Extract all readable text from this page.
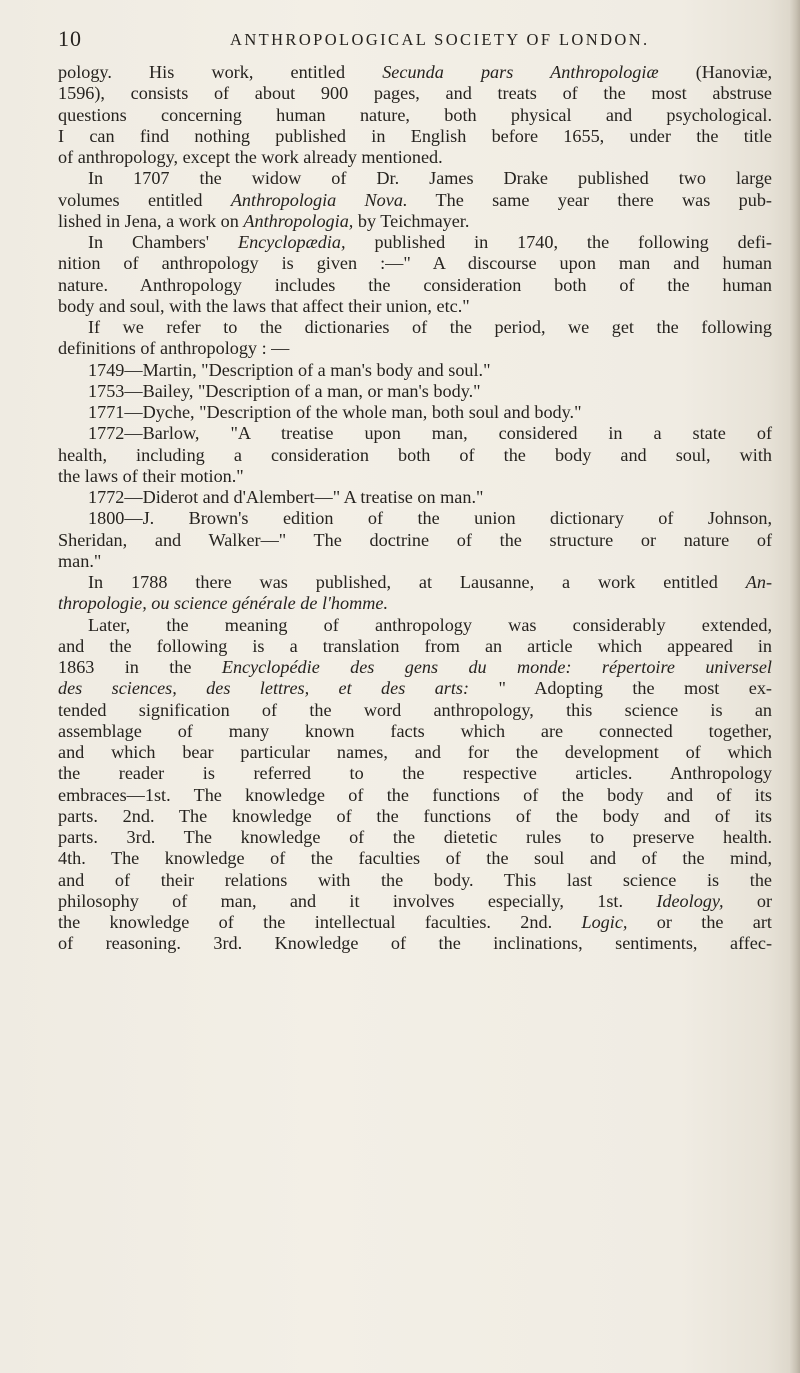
10	ANTHROPOLOGICAL SOCIETY OF LONDON.
pology. His work, entitled Secunda pars Anthropologiæ (Hanoviæ,
1596), consists of about 900 pages, and treats of the most abstruse
questions concerning human nature, both physical and psychological.
I can find nothing published in English before 1655, under the title
of anthropology, except the work already mentioned.
In 1707 the widow of Dr. James Drake published two large
volumes entitled Anthropologia Nova. The same year there was pub-
lished in Jena, a work on Anthropologia, by Teichmayer.
In Chambers' Encyclopædia, published in 1740, the following defi-
nition of anthropology is given :—" A discourse upon man and human
nature. Anthropology includes the consideration both of the human
body and soul, with the laws that affect their union, etc."
If we refer to the dictionaries of the period, we get the following
definitions of anthropology : —
1749—Martin, "Description of a man's body and soul."
1753—Bailey, "Description of a man, or man's body."
1771—Dyche, "Description of the whole man, both soul and body."
1772—Barlow, "A treatise upon man, considered in a state of
health, including a consideration both of the body and soul, with
the laws of their motion."
1772—Diderot and d'Alembert—" A treatise on man."
1800—J. Brown's edition of the union dictionary of Johnson,
Sheridan, and Walker—" The doctrine of the structure or nature of
man."
In 1788 there was published, at Lausanne, a work entitled An-
thropologie, ou science générale de l'homme.
Later, the meaning of anthropology was considerably extended,
and the following is a translation from an article which appeared in
1863 in the Encyclopédie des gens du monde: répertoire universel
des sciences, des lettres, et des arts: " Adopting the most ex-
tended signification of the word anthropology, this science is an
assemblage of many known facts which are connected together,
and which bear particular names, and for the development of which
the reader is referred to the respective articles. Anthropology
embraces—1st. The knowledge of the functions of the body and of its
parts. 2nd. The knowledge of the functions of the body and of its
parts. 3rd. The knowledge of the dietetic rules to preserve health.
4th. The knowledge of the faculties of the soul and of the mind,
and of their relations with the body. This last science is the
philosophy of man, and it involves especially, 1st. Ideology, or
the knowledge of the intellectual faculties. 2nd. Logic, or the art
of reasoning. 3rd. Knowledge of the inclinations, sentiments, affec-
